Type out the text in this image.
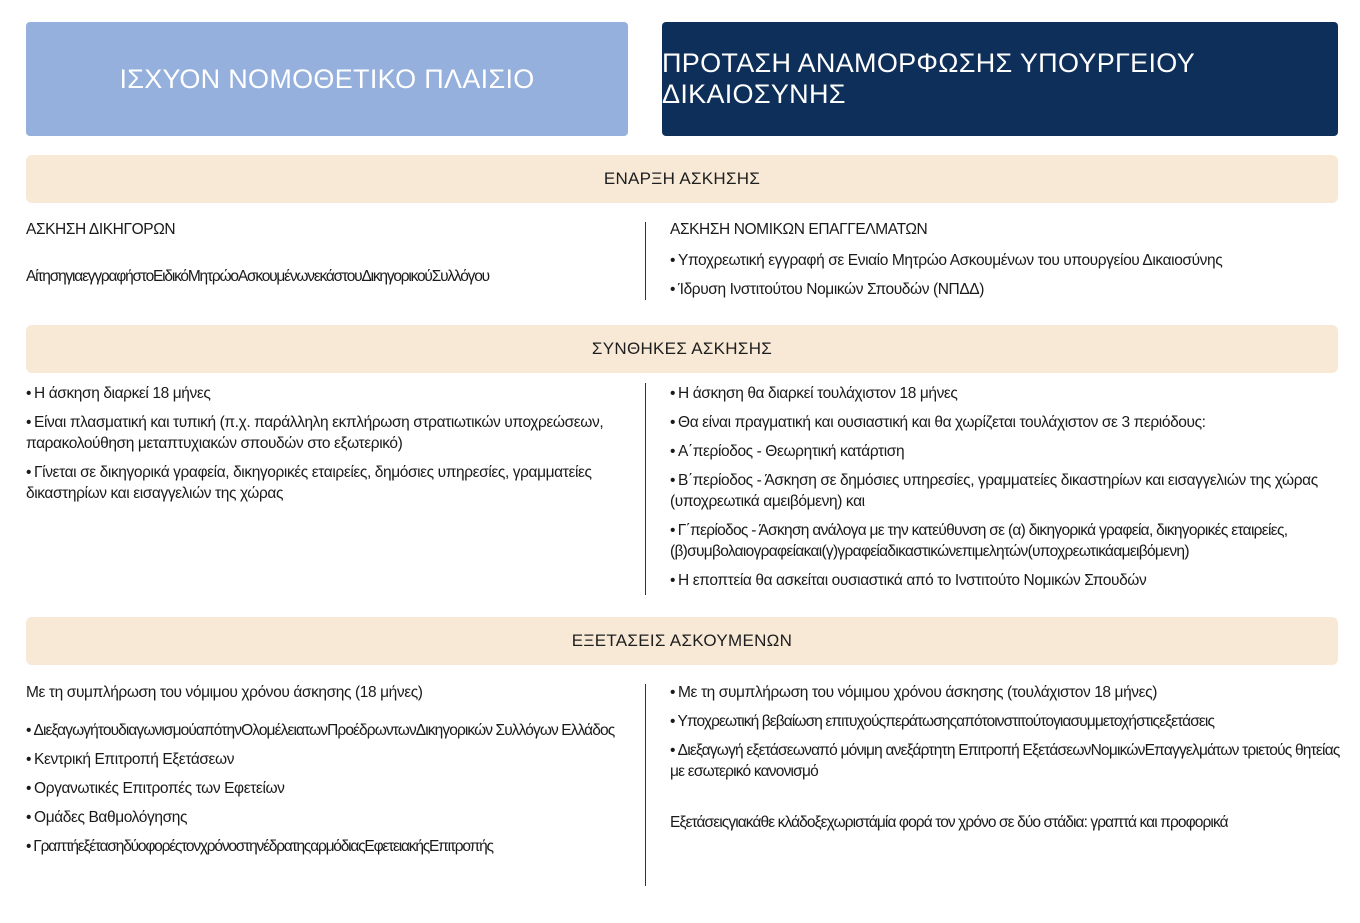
ΙΣΧΥΟΝ ΝΟΜΟΘΕΤΙΚΟ ΠΛΑΙΣΙΟ
ΠΡΟΤΑΣΗ ΑΝΑΜΟΡΦΩΣΗΣ ΥΠΟΥΡΓΕΙΟΥ ΔΙΚΑΙΟΣΥΝΗΣ
ΕΝΑΡΞΗ ΑΣΚΗΣΗΣ

ΑΣΚΗΣΗ ΔΙΚΗΓΟΡΩΝ

ΑίτησηγιαεγγραφήστοΕιδικόΜητρώοΑσκουμένωνεκάστουΔικηγορικούΣυλλόγου

ΑΣΚΗΣΗ ΝΟΜΙΚΩΝ ΕΠΑΓΓΕΛΜΑΤΩΝ

• Υποχρεωτική εγγραφή σε Ενιαίο Μητρώο Ασκουμένων του υπουργείου Δικαιοσύνης

• Ίδρυση Ινστιτούτου Νομικών Σπουδών (ΝΠΔΔ)

ΣΥΝΘΗΚΕΣ ΑΣΚΗΣΗΣ

• Η άσκηση διαρκεί 18 μήνες

• Είναι πλασματική και τυπική (π.χ. παράλληλη εκπλήρωση στρατιωτικών υποχρεώσεων, παρακολούθηση μεταπτυχιακών σπουδών στο εξωτερικό)

• Γίνεται σε δικηγορικά γραφεία, δικηγορικές εταιρείες, δημόσιες υπηρεσίες, γραμματείες δικαστηρίων και εισαγγελιών της χώρας

• Η άσκηση θα διαρκεί τουλάχιστον 18 μήνες

• Θα είναι πραγματική και ουσιαστική και θα χωρίζεται τουλάχιστον σε 3 περιόδους:

• Α΄περίοδος - Θεωρητική κατάρτιση

• Β΄περίοδος - Άσκηση σε δημόσιες υπηρεσίες, γραμματείες δικαστηρίων και εισαγγελιών της χώρας (υποχρεωτικά αμειβόμενη) και

• Γ΄περίοδος - Άσκηση ανάλογα με την κατεύθυνση σε (α) δικηγορικά γραφεία, δικηγορικές εταιρείες,(β)συμβολαιογραφείακαι(γ)γραφείαδικαστικώνεπιμελητών(υποχρεωτικάαμειβόμενη)

• Η εποπτεία θα ασκείται ουσιαστικά από το Ινστιτούτο Νομικών Σπουδών

ΕΞΕΤΑΣΕΙΣ ΑΣΚΟΥΜΕΝΩΝ

Με τη συμπλήρωση του νόμιμου χρόνου άσκησης (18 μήνες)

• ΔιεξαγωγήτουδιαγωνισμούαπότηνΟλομέλειατωνΠροέδρωντωνΔικηγορικών Συλλόγων Ελλάδος

• Κεντρική Επιτροπή Εξετάσεων

• Οργανωτικές Επιτροπές των Εφετείων

• Ομάδες Βαθμολόγησης

• ΓραπτήεξέτασηδύοφορέςτονχρόνοστηνέδρατηςαρμόδιαςΕφετειακήςΕπιτροπής

• Με τη συμπλήρωση του νόμιμου χρόνου άσκησης (τουλάχιστον 18 μήνες)

• Υποχρεωτική βεβαίωση επιτυχούςπεράτωσηςαπότοινστιτούτογιασυμμετοχήστιςεξετάσεις

• Διεξαγωγή εξετάσεωναπό μόνιμη ανεξάρτητη Επιτροπή ΕξετάσεωνΝομικώνΕπαγγελμάτων τριετούς θητείας με εσωτερικό κανονισμό

Εξετάσειςγιακάθε κλάδοξεχωριστάμία φορά τον χρόνο σε δύο στάδια: γραπτά και προφορικά
